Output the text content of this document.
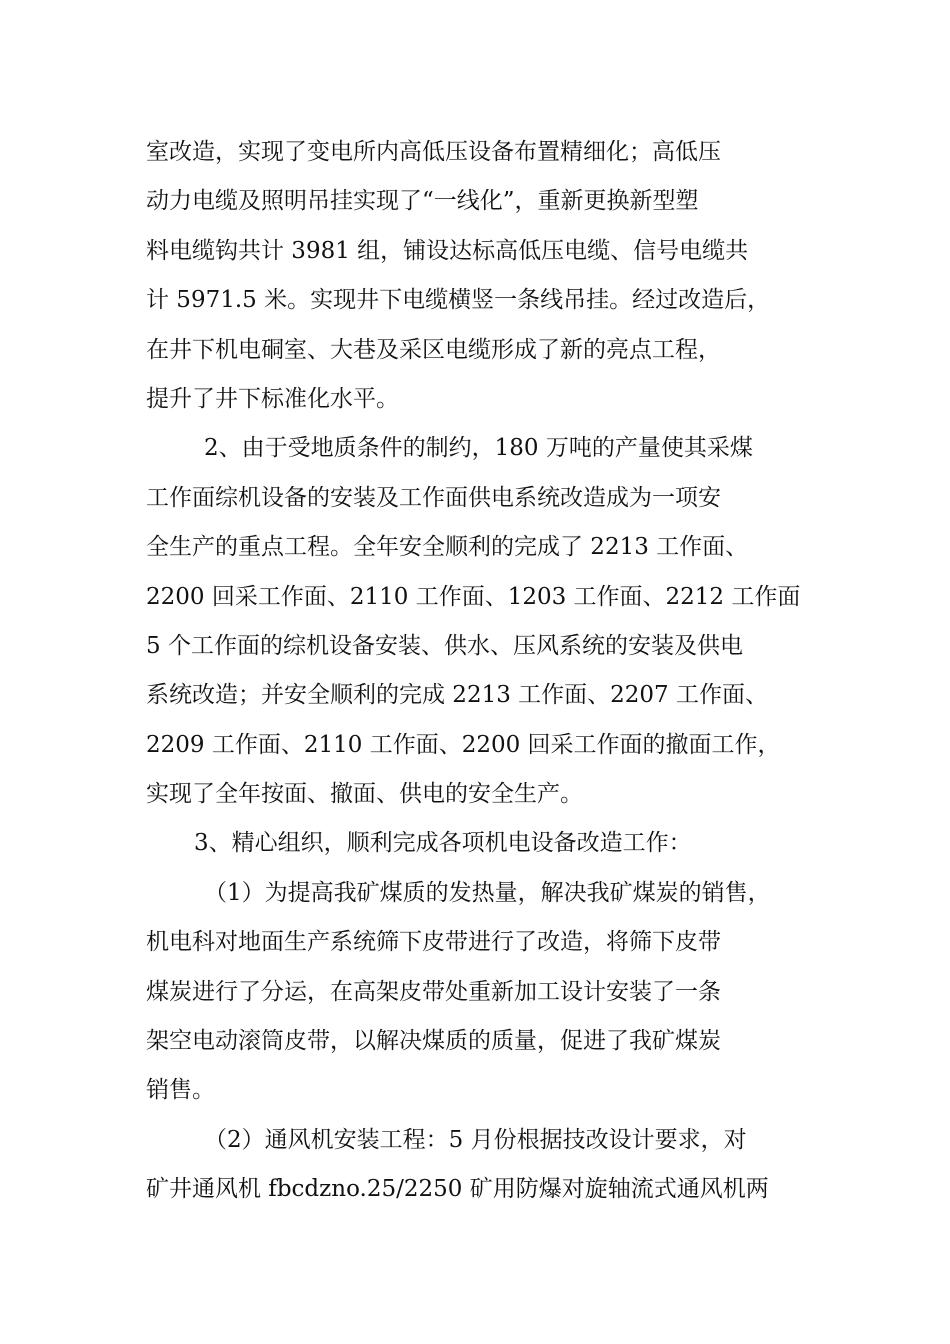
室改造，实现了变电所内高低压设备布置精细化；高低压
动力电缆及照明吊挂实现了“一线化”，重新更换新型塑
料电缆钩共计 3981 组，铺设达标高低压电缆、信号电缆共
计 5971.5 米。实现井下电缆横竖一条线吊挂。经过改造后，
在井下机电硐室、大巷及采区电缆形成了新的亮点工程，
提升了井下标准化水平。
2、由于受地质条件的制约，180 万吨的产量使其采煤
工作面综机设备的安装及工作面供电系统改造成为一项安
全生产的重点工程。全年安全顺利的完成了 2213 工作面、
2200 回采工作面、2110 工作面、1203 工作面、2212 工作面
5 个工作面的综机设备安装、供水、压风系统的安装及供电
系统改造；并安全顺利的完成 2213 工作面、2207 工作面、
2209 工作面、2110 工作面、2200 回采工作面的撤面工作，
实现了全年按面、撤面、供电的安全生产。
3、精心组织，顺利完成各项机电设备改造工作：
（1）为提高我矿煤质的发热量，解决我矿煤炭的销售，
机电科对地面生产系统筛下皮带进行了改造，将筛下皮带
煤炭进行了分运，在高架皮带处重新加工设计安装了一条
架空电动滚筒皮带，以解决煤质的质量，促进了我矿煤炭
销售。
（2）通风机安装工程：5 月份根据技改设计要求，对
矿井通风机 fbcdzno.25/2250 矿用防爆对旋轴流式通风机两
